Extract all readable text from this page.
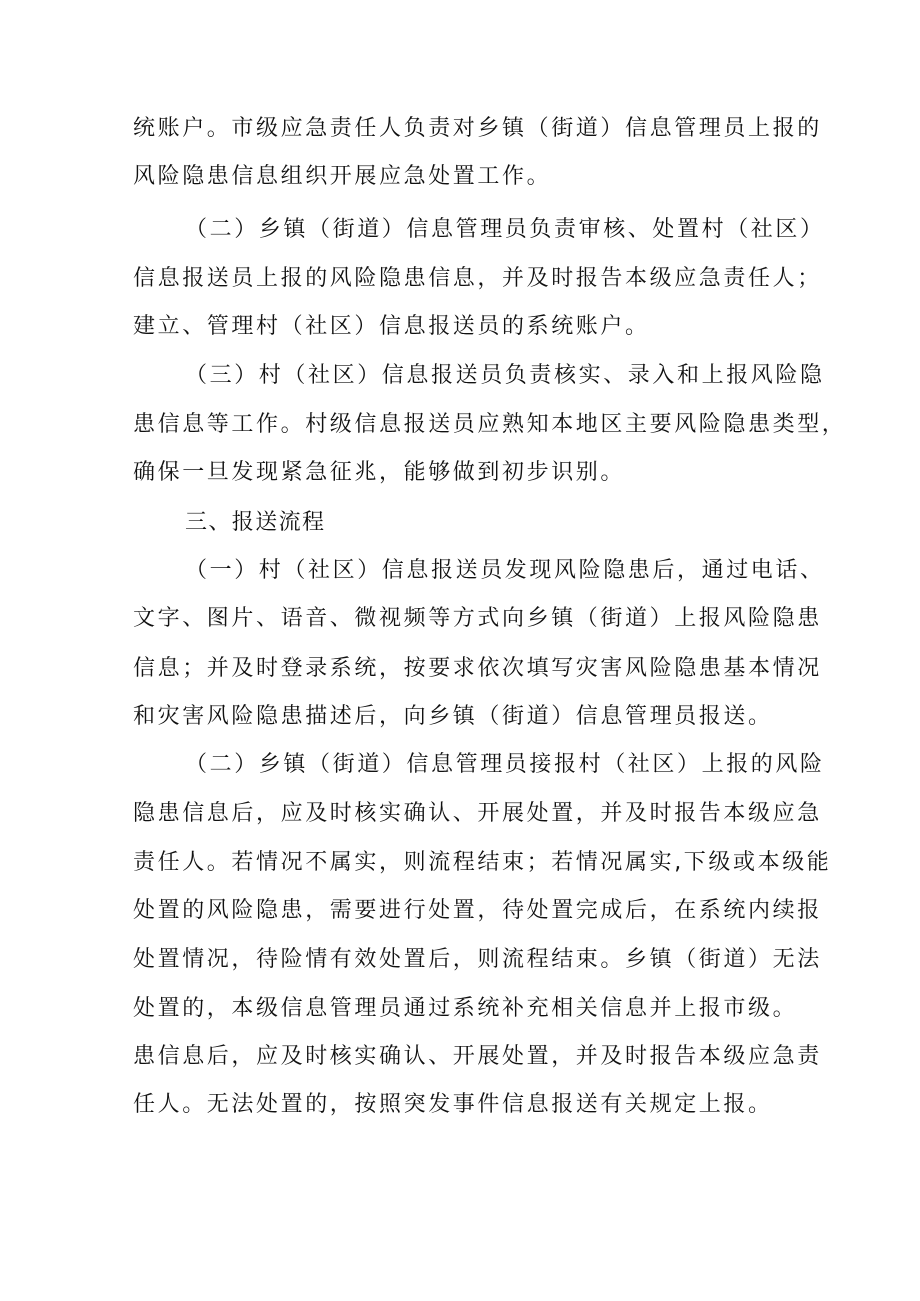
统账户。市级应急责任人负责对乡镇（街道）信息管理员上报的
风险隐患信息组织开展应急处置工作。
（二）乡镇（街道）信息管理员负责审核、处置村（社区）
信息报送员上报的风险隐患信息，并及时报告本级应急责任人；
建立、管理村（社区）信息报送员的系统账户。
（三）村（社区）信息报送员负责核实、录入和上报风险隐
患信息等工作。村级信息报送员应熟知本地区主要风险隐患类型，
确保一旦发现紧急征兆，能够做到初步识别。
三、报送流程
（一）村（社区）信息报送员发现风险隐患后，通过电话、
文字、图片、语音、微视频等方式向乡镇（街道）上报风险隐患
信息；并及时登录系统，按要求依次填写灾害风险隐患基本情况
和灾害风险隐患描述后，向乡镇（街道）信息管理员报送。
（二）乡镇（街道）信息管理员接报村（社区）上报的风险
隐患信息后，应及时核实确认、开展处置，并及时报告本级应急
责任人。若情况不属实，则流程结束；若情况属实,下级或本级能
处置的风险隐患，需要进行处置，待处置完成后，在系统内续报
处置情况，待险情有效处置后，则流程结束。乡镇（街道）无法
处置的，本级信息管理员通过系统补充相关信息并上报市级。
患信息后，应及时核实确认、开展处置，并及时报告本级应急责
任人。无法处置的，按照突发事件信息报送有关规定上报。
